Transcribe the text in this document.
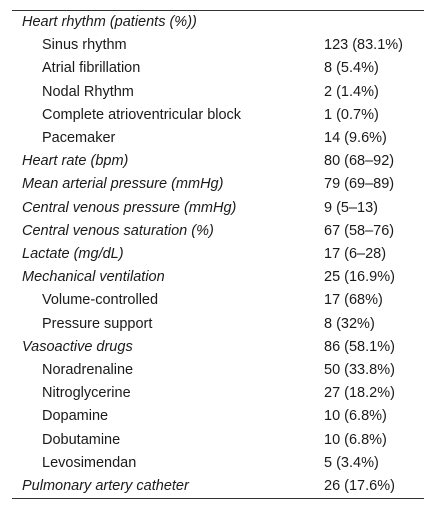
Heart rhythm (patients (%))	
Sinus rhythm	123 (83.1%)
Atrial fibrillation	8 (5.4%)
Nodal Rhythm	2 (1.4%)
Complete atrioventricular block	1 (0.7%)
Pacemaker	14 (9.6%)
Heart rate (bpm)	80 (68–92)
Mean arterial pressure (mmHg)	79 (69–89)
Central venous pressure (mmHg)	9 (5–13)
Central venous saturation (%)	67 (58–76)
Lactate (mg/dL)	17 (6–28)
Mechanical ventilation	25 (16.9%)
Volume-controlled	17 (68%)
Pressure support	8 (32%)
Vasoactive drugs	86 (58.1%)
Noradrenaline	50 (33.8%)
Nitroglycerine	27 (18.2%)
Dopamine	10 (6.8%)
Dobutamine	10 (6.8%)
Levosimendan	5 (3.4%)
Pulmonary artery catheter	26 (17.6%)
